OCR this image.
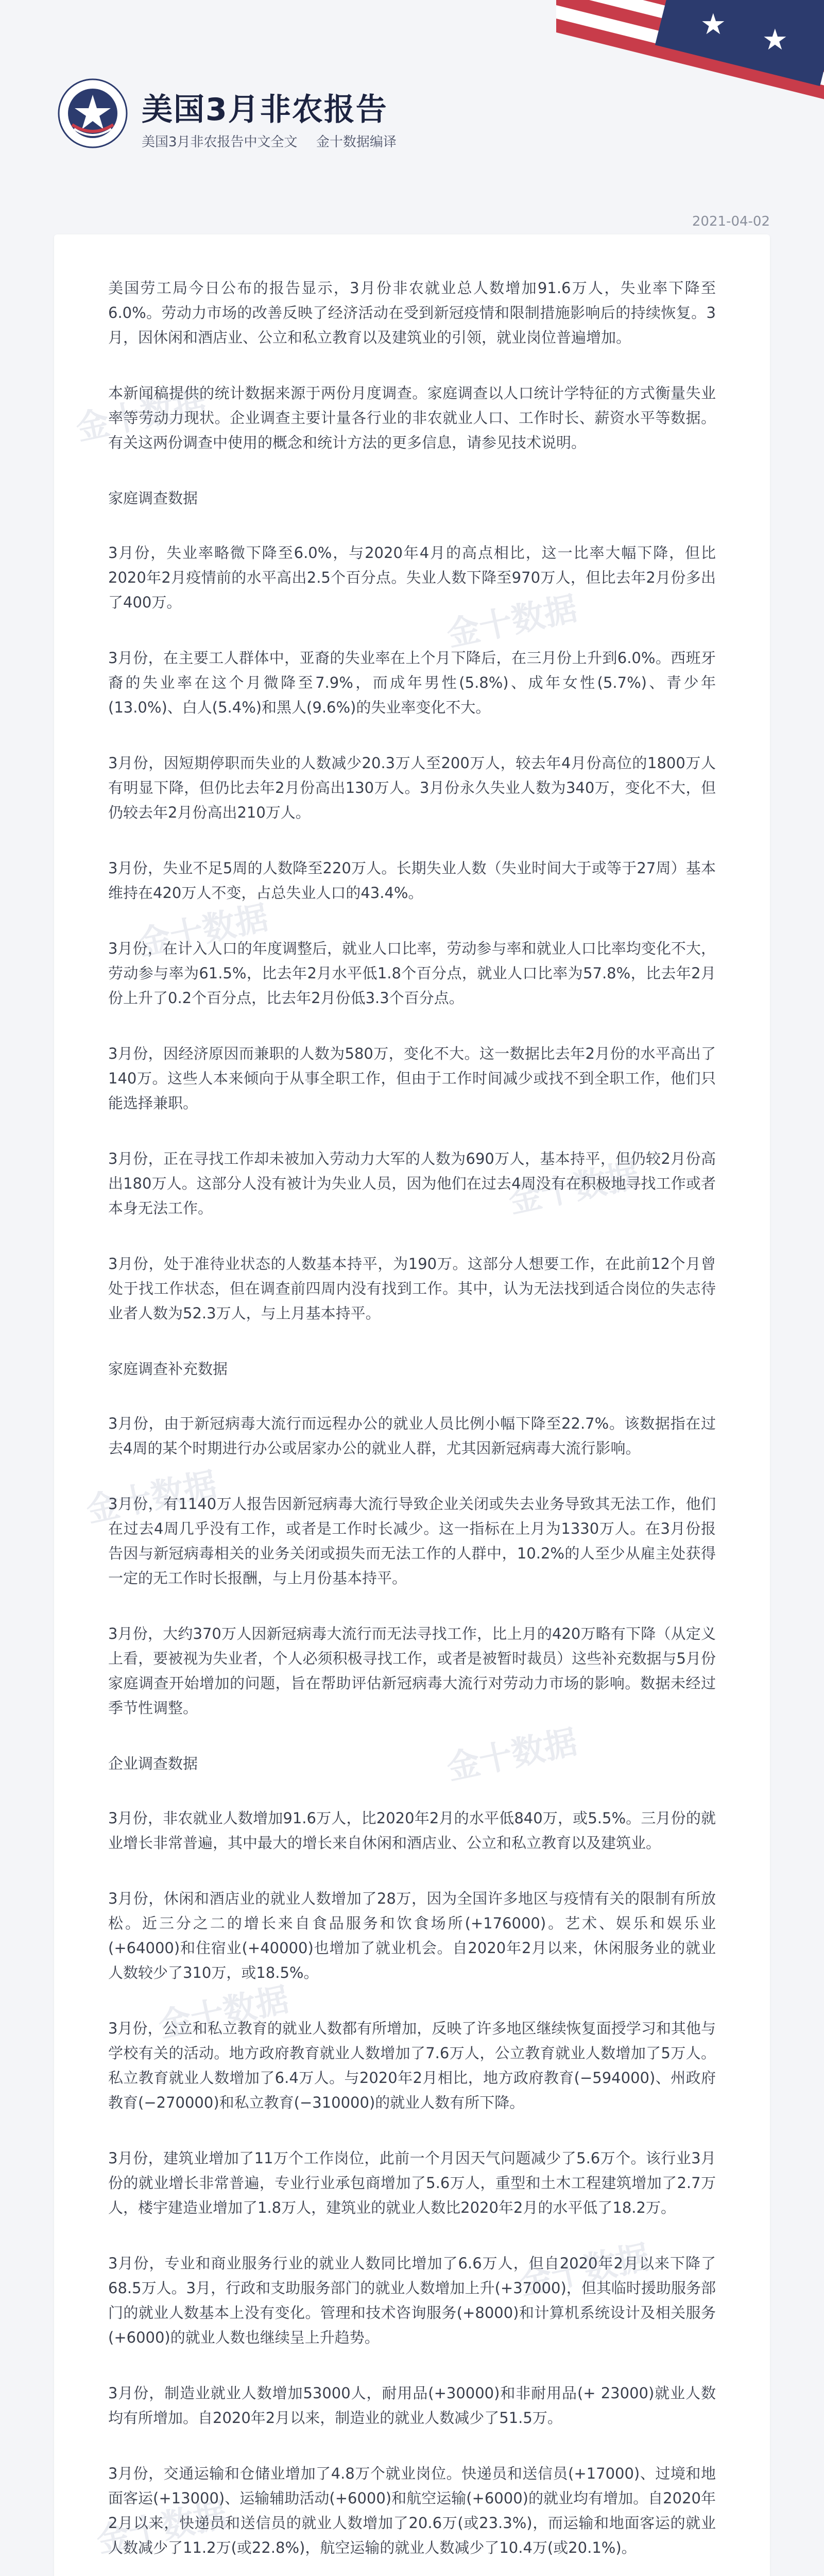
★ ★
美国3月非农报告
美国3月非农报告中文全文 金十数据编译
2021-04-02
金十数据
金十数据
金十数据
金十数据
金十数据
金十数据
金十数据
金十数据
金十数据

美国劳工局今日公布的报告显示，3月份非农就业总人数增加91.6万人，失业率下降至6.0%。劳动力市场的改善反映了经济活动在受到新冠疫情和限制措施影响后的持续恢复。3月，因休闲和酒店业、公立和私立教育以及建筑业的引领，就业岗位普遍增加。

本新闻稿提供的统计数据来源于两份月度调查。家庭调查以人口统计学特征的方式衡量失业率等劳动力现状。企业调查主要计量各行业的非农就业人口、工作时长、薪资水平等数据。有关这两份调查中使用的概念和统计方法的更多信息，请参见技术说明。

家庭调查数据

3月份，失业率略微下降至6.0%，与2020年4月的高点相比，这一比率大幅下降，但比2020年2月疫情前的水平高出2.5个百分点。失业人数下降至970万人，但比去年2月份多出了400万。

3月份，在主要工人群体中，亚裔的失业率在上个月下降后，在三月份上升到6.0%。西班牙裔的失业率在这个月微降至7.9%，而成年男性(5.8%)、成年女性(5.7%)、青少年(13.0%)、白人(5.4%)和黑人(9.6%)的失业率变化不大。

3月份，因短期停职而失业的人数减少20.3万人至200万人，较去年4月份高位的1800万人有明显下降，但仍比去年2月份高出130万人。3月份永久失业人数为340万，变化不大，但仍较去年2月份高出210万人。

3月份，失业不足5周的人数降至220万人。长期失业人数（失业时间大于或等于27周）基本维持在420万人不变，占总失业人口的43.4%。

3月份，在计入人口的年度调整后，就业人口比率，劳动参与率和就业人口比率均变化不大，劳动参与率为61.5%，比去年2月水平低1.8个百分点，就业人口比率为57.8%，比去年2月份上升了0.2个百分点，比去年2月份低3.3个百分点。

3月份，因经济原因而兼职的人数为580万，变化不大。这一数据比去年2月份的水平高出了140万。这些人本来倾向于从事全职工作，但由于工作时间减少或找不到全职工作，他们只能选择兼职。

3月份，正在寻找工作却未被加入劳动力大军的人数为690万人，基本持平，但仍较2月份高出180万人。这部分人没有被计为失业人员，因为他们在过去4周没有在积极地寻找工作或者本身无法工作。

3月份，处于准待业状态的人数基本持平，为190万。这部分人想要工作，在此前12个月曾处于找工作状态，但在调查前四周内没有找到工作。其中，认为无法找到适合岗位的失志待业者人数为52.3万人，与上月基本持平。

家庭调查补充数据

3月份，由于新冠病毒大流行而远程办公的就业人员比例小幅下降至22.7%。该数据指在过去4周的某个时期进行办公或居家办公的就业人群，尤其因新冠病毒大流行影响。

3月份，有1140万人报告因新冠病毒大流行导致企业关闭或失去业务导致其无法工作，他们在过去4周几乎没有工作，或者是工作时长减少。这一指标在上月为1330万人。在3月份报告因与新冠病毒相关的业务关闭或损失而无法工作的人群中，10.2%的人至少从雇主处获得一定的无工作时长报酬，与上月份基本持平。

3月份，大约370万人因新冠病毒大流行而无法寻找工作，比上月的420万略有下降（从定义上看，要被视为失业者，个人必须积极寻找工作，或者是被暂时裁员）这些补充数据与5月份家庭调查开始增加的问题，旨在帮助评估新冠病毒大流行对劳动力市场的影响。数据未经过季节性调整。

企业调查数据

3月份，非农就业人数增加91.6万人，比2020年2月的水平低840万，或5.5%。三月份的就业增长非常普遍，其中最大的增长来自休闲和酒店业、公立和私立教育以及建筑业。

3月份，休闲和酒店业的就业人数增加了28万，因为全国许多地区与疫情有关的限制有所放松。近三分之二的增长来自食品服务和饮食场所(+176000)。艺术、娱乐和娱乐业(+64000)和住宿业(+40000)也增加了就业机会。自2020年2月以来，休闲服务业的就业人数较少了310万，或18.5%。

3月份，公立和私立教育的就业人数都有所增加，反映了许多地区继续恢复面授学习和其他与学校有关的活动。地方政府教育就业人数增加了7.6万人，公立教育就业人数增加了5万人。私立教育就业人数增加了6.4万人。与2020年2月相比，地方政府教育(−594000)、州政府教育(−270000)和私立教育(−310000)的就业人数有所下降。

3月份，建筑业增加了11万个工作岗位，此前一个月因天气问题减少了5.6万个。该行业3月份的就业增长非常普遍，专业行业承包商增加了5.6万人，重型和土木工程建筑增加了2.7万人，楼宇建造业增加了1.8万人，建筑业的就业人数比2020年2月的水平低了18.2万。

3月份，专业和商业服务行业的就业人数同比增加了6.6万人，但自2020年2月以来下降了68.5万人。3月，行政和支助服务部门的就业人数增加上升(+37000)，但其临时援助服务部门的就业人数基本上没有变化。管理和技术咨询服务(+8000)和计算机系统设计及相关服务(+6000)的就业人数也继续呈上升趋势。

3月份，制造业就业人数增加53000人，耐用品(+30000)和非耐用品(+ 23000)就业人数均有所增加。自2020年2月以来，制造业的就业人数减少了51.5万。

3月份，交通运输和仓储业增加了4.8万个就业岗位。快递员和送信员(+17000)、过境和地面客运(+13000)、运输辅助活动(+6000)和航空运输(+6000)的就业均有增加。自2020年2月以来，快递员和送信员的就业人数增加了20.6万(或23.3%)，而运输和地面客运的就业人数减少了11.2万(或22.8%)，航空运输的就业人数减少了10.4万(或20.1%)。
